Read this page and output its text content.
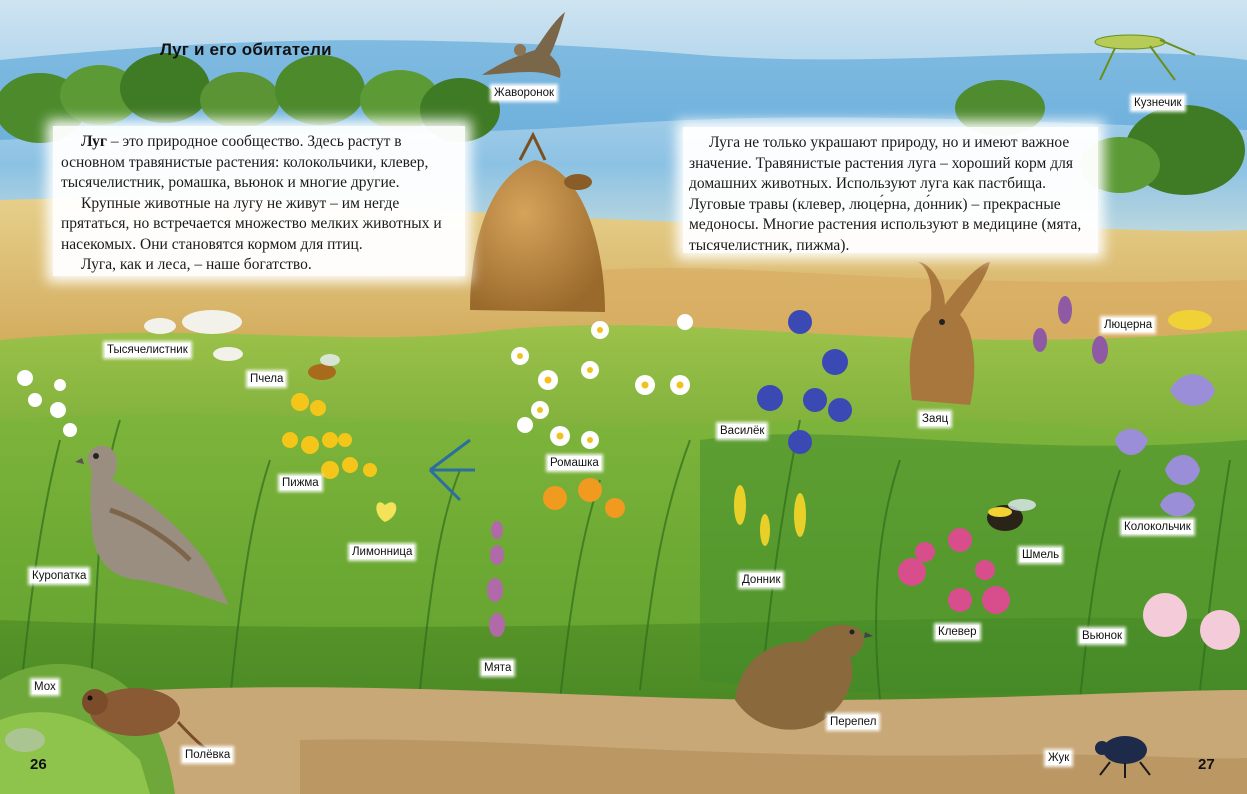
Луг и его обитатели

Луг – это природное сообщество. Здесь растут в основном травянистые растения: колокольчики, клевер, тысячелистник, ромашка, вьюнок и многие другие.

Крупные животные на лугу не живут – им негде прятаться, но встречается множество мелких животных и насекомых. Они становятся кормом для птиц.

Луга, как и леса, – наше богатство.

Луга не только украшают природу, но и имеют важное значение. Травянистые растения луга – хороший корм для домашних животных. Используют луга как пастбища. Луговые травы (клевер, люце́рна, до́нник) – прекрасные медоносы. Многие растения используют в медицине (мята, тысячелистник, пижма).

Жаворонок
Кузнечик
Тысячелистник
Пчела
Люцерна
Василёк
Заяц
Ромашка
Пижма
Лимонница
Колокольчик
Шмель
Куропатка	Донник
Клевер	Вьюнок
Мята
Мох
Перепел
Полёвка	Жук
26	27
